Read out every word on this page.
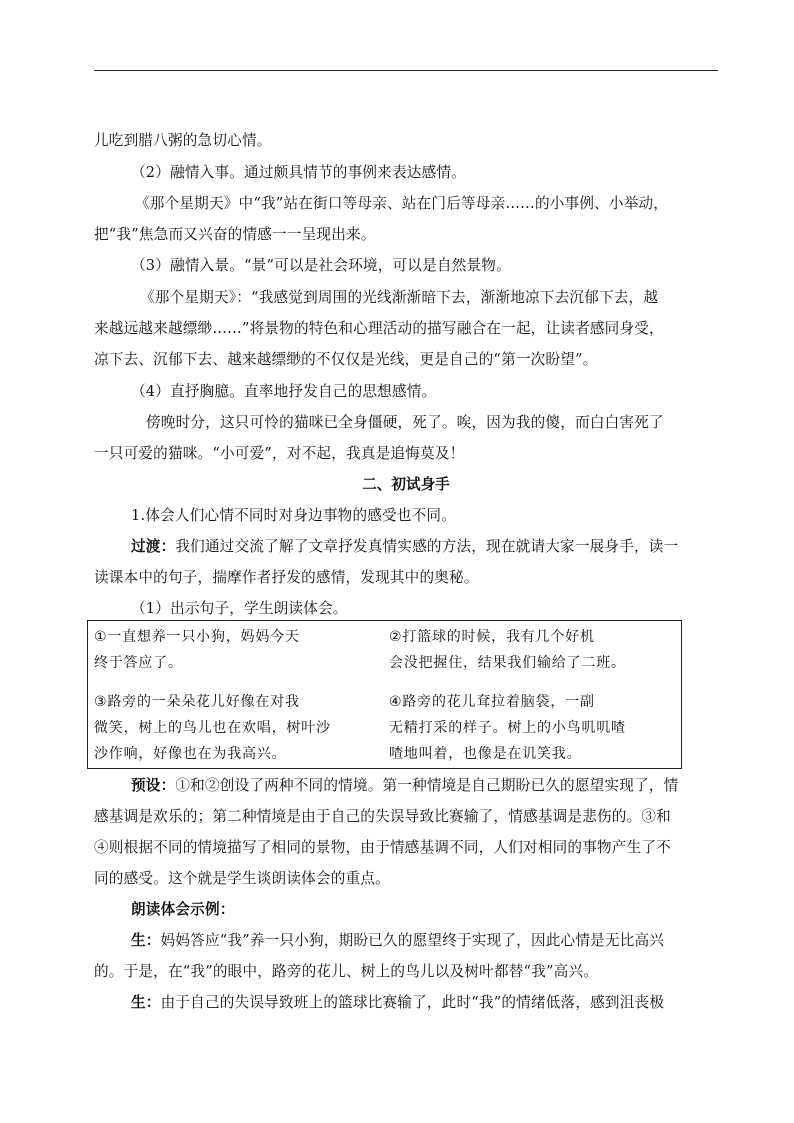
儿吃到腊八粥的急切心情。
（2）融情入事。通过颇具情节的事例来表达感情。
《那个星期天》中“我”站在街口等母亲、站在门后等母亲……的小事例、小举动，
把“我”焦急而又兴奋的情感一一呈现出来。
（3）融情入景。“景”可以是社会环境，可以是自然景物。
《那个星期天》：“我感觉到周围的光线渐渐暗下去，渐渐地凉下去沉郁下去，越
来越远越来越缥缈……”将景物的特色和心理活动的描写融合在一起，让读者感同身受，
凉下去、沉郁下去、越来越缥缈的不仅仅是光线，更是自己的“第一次盼望”。
（4）直抒胸臆。直率地抒发自己的思想感情。
傍晚时分，这只可怜的猫咪已全身僵硬，死了。唉，因为我的傻，而白白害死了
一只可爱的猫咪。“小可爱”，对不起，我真是追悔莫及！
二、初试身手
1.体会人们心情不同时对身边事物的感受也不同。
过渡：我们通过交流了解了文章抒发真情实感的方法，现在就请大家一展身手，读一
读课本中的句子，揣摩作者抒发的感情，发现其中的奥秘。
（1）出示句子，学生朗读体会。
①一直想养一只小狗，妈妈今天
终于答应了。
②打篮球的时候，我有几个好机
会没把握住，结果我们输给了二班。
③路旁的一朵朵花儿好像在对我
微笑，树上的鸟儿也在欢唱，树叶沙
沙作响，好像也在为我高兴。
④路旁的花儿耷拉着脑袋，一副
无精打采的样子。树上的小鸟叽叽喳
喳地叫着，也像是在讥笑我。
预设：①和②创设了两种不同的情境。第一种情境是自己期盼已久的愿望实现了，情
感基调是欢乐的；第二种情境是由于自己的失误导致比赛输了，情感基调是悲伤的。③和
④则根据不同的情境描写了相同的景物，由于情感基调不同，人们对相同的事物产生了不
同的感受。这个就是学生谈朗读体会的重点。
朗读体会示例：
生：妈妈答应“我”养一只小狗，期盼已久的愿望终于实现了，因此心情是无比高兴
的。于是，在“我”的眼中，路旁的花儿、树上的鸟儿以及树叶都替“我”高兴。
生：由于自己的失误导致班上的篮球比赛输了，此时“我”的情绪低落，感到沮丧极
